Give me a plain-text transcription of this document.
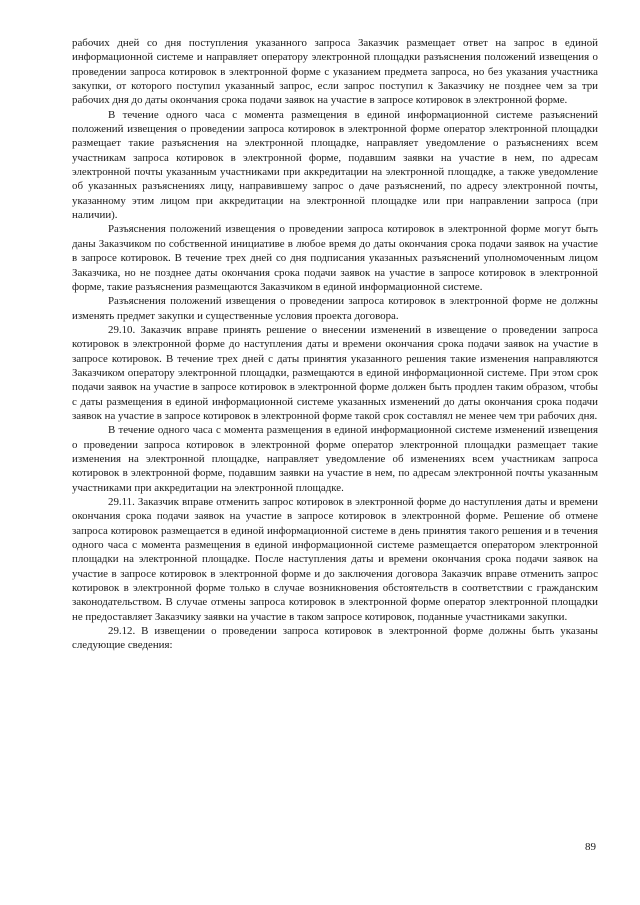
рабочих дней со дня поступления указанного запроса Заказчик размещает ответ на запрос в единой информационной системе и направляет оператору электронной площадки разъяснения положений извещения о проведении запроса котировок в электронной форме с указанием предмета запроса, но без указания участника закупки, от которого поступил указанный запрос, если запрос поступил к Заказчику не позднее чем за три рабочих дня до даты окончания срока подачи заявок на участие в запросе котировок в электронной форме.

В течение одного часа с момента размещения в единой информационной системе разъяснений положений извещения о проведении запроса котировок в электронной форме оператор электронной площадки размещает такие разъяснения на электронной площадке, направляет уведомление о разъяснениях всем участникам запроса котировок в электронной форме, подавшим заявки на участие в нем, по адресам электронной почты указанным участниками при аккредитации на электронной площадке, а также уведомление об указанных разъяснениях лицу, направившему запрос о даче разъяснений, по адресу электронной почты, указанному этим лицом при аккредитации на электронной площадке или при направлении запроса (при наличии).

Разъяснения положений извещения о проведении запроса котировок в электронной форме могут быть даны Заказчиком по собственной инициативе в любое время до даты окончания срока подачи заявок на участие в запросе котировок. В течение трех дней со дня подписания указанных разъяснений уполномоченным лицом Заказчика, но не позднее даты окончания срока подачи заявок на участие в запросе котировок в электронной форме, такие разъяснения размещаются Заказчиком в единой информационной системе.

Разъяснения положений извещения о проведении запроса котировок в электронной форме не должны изменять предмет закупки и существенные условия проекта договора.

29.10. Заказчик вправе принять решение о внесении изменений в извещение о проведении запроса котировок в электронной форме до наступления даты и времени окончания срока подачи заявок на участие в запросе котировок. В течение трех дней с даты принятия указанного решения такие изменения направляются Заказчиком оператору электронной площадки, размещаются в единой информационной системе. При этом срок подачи заявок на участие в запросе котировок в электронной форме должен быть продлен таким образом, чтобы с даты размещения в единой информационной системе указанных изменений до даты окончания срока подачи заявок на участие в запросе котировок в электронной форме такой срок составлял не менее чем три рабочих дня.

В течение одного часа с момента размещения в единой информационной системе изменений извещения о проведении запроса котировок в электронной форме оператор электронной площадки размещает такие изменения на электронной площадке, направляет уведомление об изменениях всем участникам запроса котировок в электронной форме, подавшим заявки на участие в нем, по адресам электронной почты указанным участниками при аккредитации на электронной площадке.

29.11. Заказчик вправе отменить запрос котировок в электронной форме до наступления даты и времени окончания срока подачи заявок на участие в запросе котировок в электронной форме. Решение об отмене запроса котировок размещается в единой информационной системе в день принятия такого решения и в течения одного часа с момента размещения в единой информационной системе размещается оператором электронной площадки на электронной площадке. После наступления даты и времени окончания срока подачи заявок на участие в запросе котировок в электронной форме и до заключения договора Заказчик вправе отменить запрос котировок в электронной форме только в случае возникновения обстоятельств в соответствии с гражданским законодательством. В случае отмены запроса котировок в электронной форме оператор электронной площадки не предоставляет Заказчику заявки на участие в таком запросе котировок, поданные участниками закупки.

29.12. В извещении о проведении запроса котировок в электронной форме должны быть указаны следующие сведения:

89
